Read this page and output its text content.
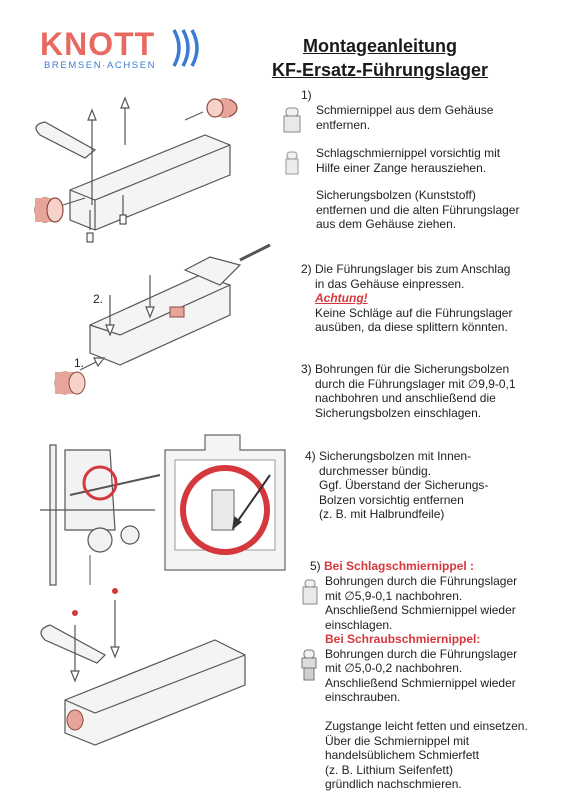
KNOTT
BREMSEN·ACHSEN
Montageanleitung
KF-Ersatz-Führungslager
2.
1.
1)
Schmiernippel aus dem Gehäuse
entfernen.
Schlagschmiernippel vorsichtig mit
Hilfe einer Zange herausziehen.
Sicherungsbolzen (Kunststoff)
entfernen und die alten Führungslager
aus dem Gehäuse ziehen.
2) Die Führungslager bis zum Anschlag
in das Gehäuse einpressen.
Achtung!
Keine Schläge auf die Führungslager
ausüben, da diese splittern könnten.
3) Bohrungen für die Sicherungsbolzen
durch die Führungslager mit ∅9,9-0,1
nachbohren und anschließend die
Sicherungsbolzen einschlagen.
4) Sicherungsbolzen mit Innen-
durchmesser bündig.
Ggf. Überstand der Sicherungs-
Bolzen vorsichtig entfernen
(z. B. mit Halbrundfeile)
5) Bei Schlagschmiernippel :
Bohrungen durch die Führungslager
mit ∅5,9-0,1 nachbohren.
Anschließend Schmiernippel wieder
einschlagen.
Bei Schraubschmiernippel:
Bohrungen durch die Führungslager
mit ∅5,0-0,2 nachbohren.
Anschließend Schmiernippel wieder
einschrauben.
Zugstange leicht fetten und einsetzen.
Über die Schmiernippel mit
handelsüblichem Schmierfett
(z. B. Lithium Seifenfett)
gründlich nachschmieren.
